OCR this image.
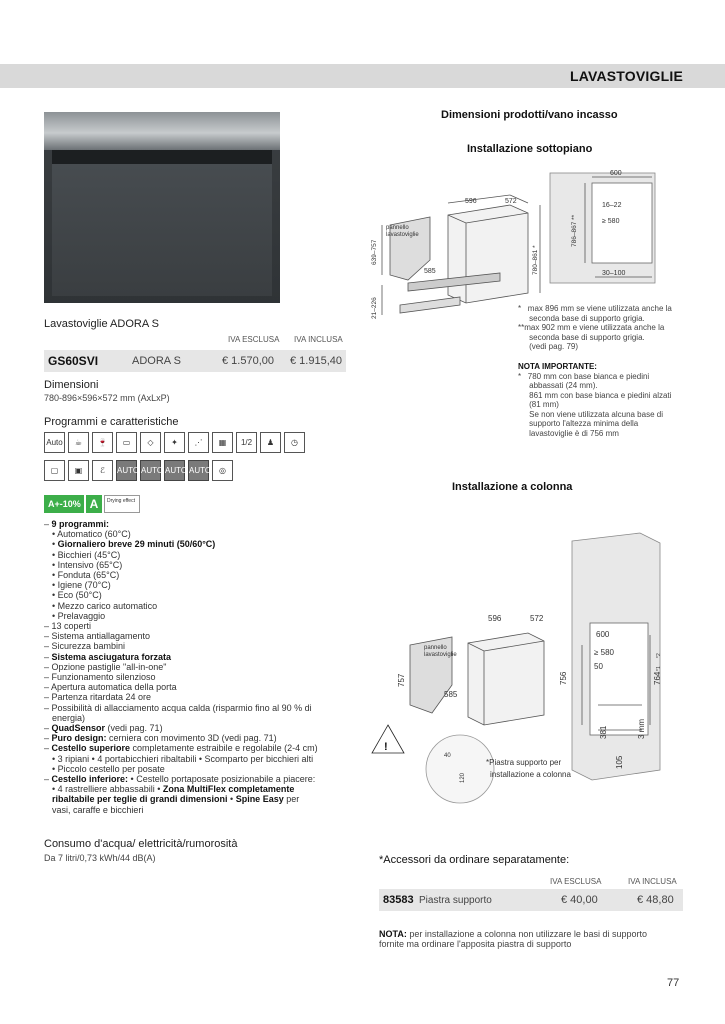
LAVASTOVIGLIE
Lavastoviglie ADORA S
IVA ESCLUSA IVA INCLUSA
GS60SVI	ADORA S	€ 1.570,00 € 1.915,40
Dimensioni
780-896×596×572 mm (AxLxP)
Programmi e caratteristiche
Auto	☕	🍷	▭	◇	✦	⋰	▦	1/2	♟	◷
▢	▣	ℰ	AUTO K/C
AUTO AUTO AUTO ◎
A+-10% A	Drying effect
– 9 programmi:
• Automatico (60°C)
• Giornaliero breve 29 minuti (50/60°C)
• Bicchieri (45°C)
• Intensivo (65°C)
• Fonduta (65°C)
• Igiene (70°C)
• Eco (50°C)
• Mezzo carico automatico
• Prelavaggio
– 13 coperti
– Sistema antiallagamento
– Sicurezza bambini
– Sistema asciugatura forzata
– Opzione pastiglie "all-in-one"
– Funzionamento silenzioso
– Apertura automatica della porta
– Partenza ritardata 24 ore
– Possibilità di allacciamento acqua calda (risparmio fino al 90 % di
energia)
– QuadSensor (vedi pag. 71)
– Puro design: cerniera con movimento 3D (vedi pag. 71)
– Cestello superiore completamente estraibile e regolabile (2-4 cm)
• 3 ripiani • 4 portabicchieri ribaltabili • Scomparto per bicchieri alti
• Piccolo cestello per posate
– Cestello inferiore: • Cestello portaposate posizionabile a piacere:
• 4 rastrelliere abbassabili • Zona MultiFlex completamente
ribaltabile per teglie di grandi dimensioni • Spine Easy per
vasi, caraffe e bicchieri
Consumo d'acqua/ elettricità/rumorosità
Da 7 litri/0,73 kWh/44 dB(A)
Dimensioni prodotti/vano incasso
Installazione sottopiano
Installazione a colonna
pannello
lavastoviglie
596	572
600
639–757
585
21–226
780–861 *
786–867 **
16–22
≥ 580
30–100
*   max 896 mm se viene utilizzata anche la
seconda base di supporto grigia.
**max 902 mm e viene utilizzata anche la
seconda base di supporto grigia.
(vedi pag. 79)
NOTA IMPORTANTE:
*   780 mm con base bianca e piedini
abbassati (24 mm).
861 mm con base bianca e piedini alzati
(81 mm)
Se non viene utilizzata alcuna base di
supporto l'altezza minima della
lavastoviglie è di 756 mm
!
pannello
lavastoviglie
596	572
600
757
585
756
≥ 580
50
764
*1
*2
381	3 mm
105
40
120
*Piastra supporto per
installazione a colonna
*Accessori da ordinare separatamente:
IVA ESCLUSA	IVA INCLUSA
83583 Piastra supporto	€ 40,00	€ 48,80
NOTA: per installazione a colonna non utilizzare le basi di supporto
fornite ma ordinare l'apposita piastra di supporto
77
